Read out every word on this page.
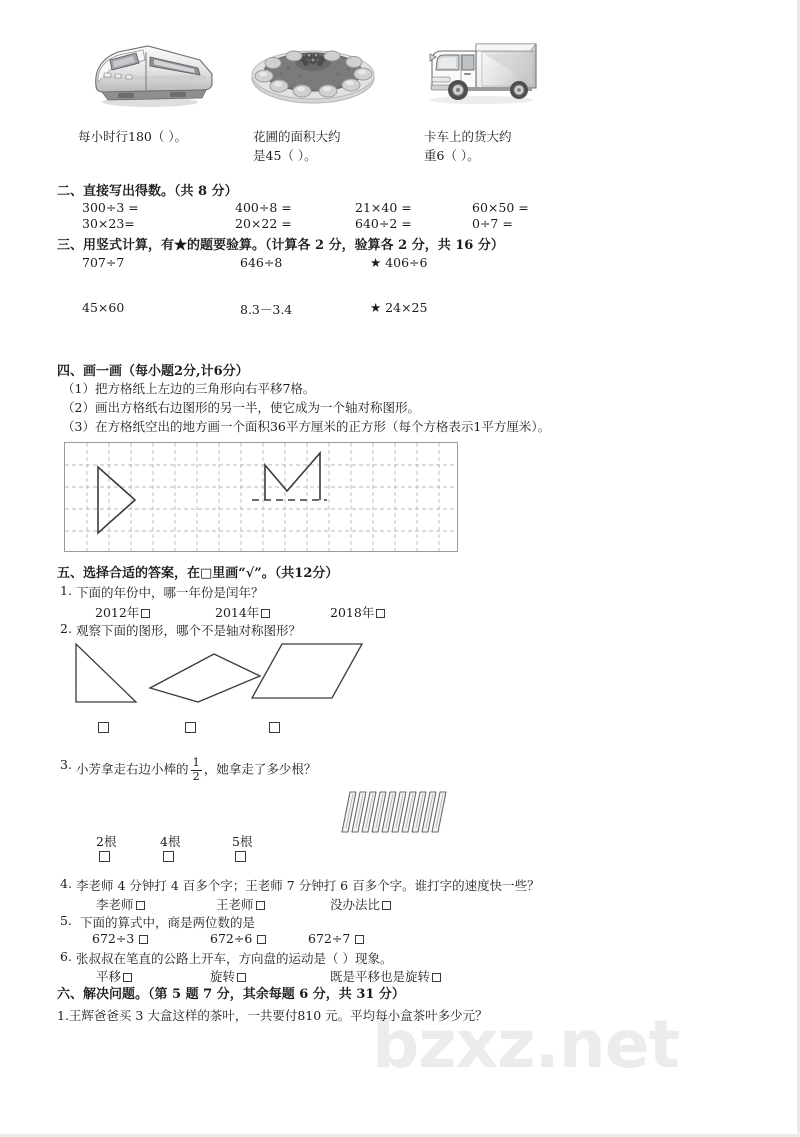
bzxz.net
每小时行180（ ）。	花圃的面积大约
是45（ ）。
卡车上的货大约
重6（ ）。
二、直接写出得数。（共 8 分）
300÷3 =	400÷8 =	21×40 =	60×50 =
30×23=	20×22 =	640÷2 =	0÷7 =
三、用竖式计算，有★的题要验算。（计算各 2 分，验算各 2 分，共 16 分）
707÷7	646÷8	★ 406÷6
45×60	8.3－3.4	★ 24×25
四、画一画（每小题2分,计6分）
（1）把方格纸上左边的三角形向右平移7格。
（2）画出方格纸右边图形的另一半，使它成为一个轴对称图形。
（3）在方格纸空出的地方画一个面积36平方厘米的正方形（每个方格表示1平方厘米）。
五、选择合适的答案，在□里画“√”。（共12分）
1. 下面的年份中，哪一年份是闰年？
2012年	2014年	2018年
2. 观察下面的图形，哪个不是轴对称图形？
3. 小芳拿走右边小棒的 $\frac{1}{2}$ ，她拿走了多少根？
2根	4根	5根
4. 李老师 4 分钟打 4 百多个字；王老师 7 分钟打 6 百多个字。谁打字的速度快一些？
李老师	王老师	没办法比
5. 下面的算式中，商是两位数的是
672÷3	672÷6	672÷7
6. 张叔叔在笔直的公路上开车，方向盘的运动是（ ）现象。
平移	旋转	既是平移也是旋转
六、解决问题。（第 5 题 7 分，其余每题 6 分，共 31 分）
1.王辉爸爸买 3 大盒这样的茶叶，一共要付810 元。平均每小盒茶叶多少元？
